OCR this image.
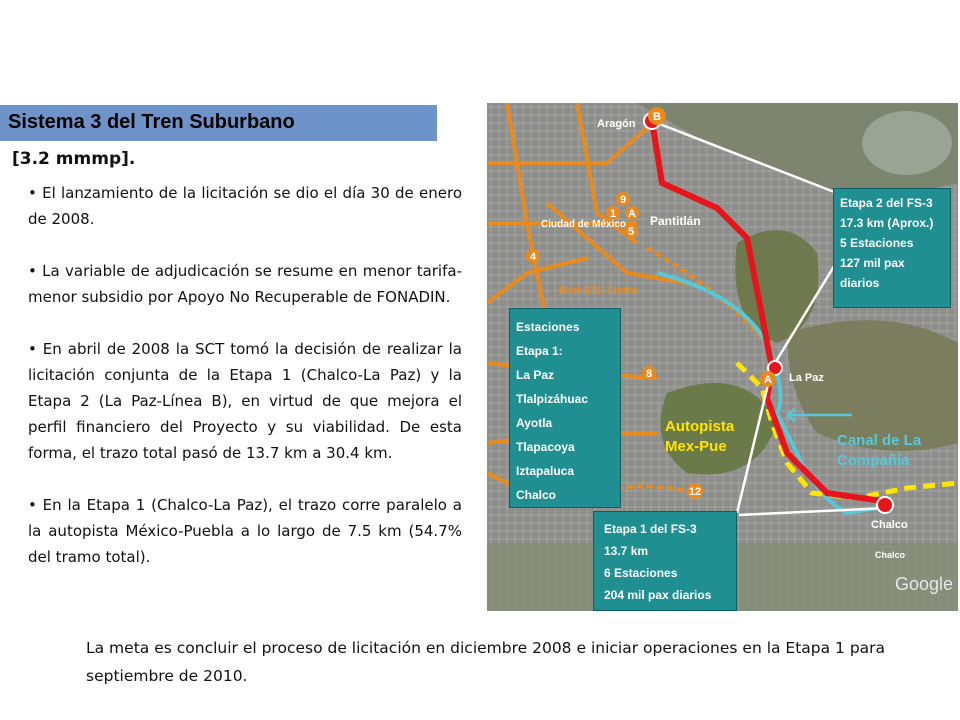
Sistema 3 del Tren Suburbano
[3.2 mmmp].

• El lanzamiento de la licitación se dio el día 30 de enero de 2008.

• La variable de adjudicación se resume en menor tarifa-menor subsidio por Apoyo No Recuperable de FONADIN.

• En abril de 2008 la SCT tomó la decisión de realizar la licitación conjunta de la Etapa 1 (Chalco-La Paz) y la Etapa 2 (La Paz-Línea B), en virtud de que mejora el perfil financiero del Proyecto y su viabilidad. De esta forma, el trazo total pasó de 13.7 km a 30.4 km.

• En la Etapa 1 (Chalco-La Paz), el trazo corre paralelo a la autopista México-Puebla a lo largo de 7.5 km (54.7% del tramo total).

B
9
1 A
5
4
8
12
A
Aragón
Ciudad de México Pantitlán
La Paz
Chalco
Chalco
Red STC Metro
Autopista
Mex-Pue	Canal de La
Compañía
Google
Etapa 2 del FS-3
17.3 km (Aprox.)
5 Estaciones
127 mil pax
diarios
Estaciones
Etapa 1:
La Paz
Tlalpizáhuac
Ayotla
Tlapacoya
Iztapaluca
Chalco
Etapa 1 del FS-3
13.7 km
6 Estaciones
204 mil pax diarios
La meta es concluir el proceso de licitación en diciembre 2008 e iniciar operaciones en la Etapa 1 para septiembre de 2010.
